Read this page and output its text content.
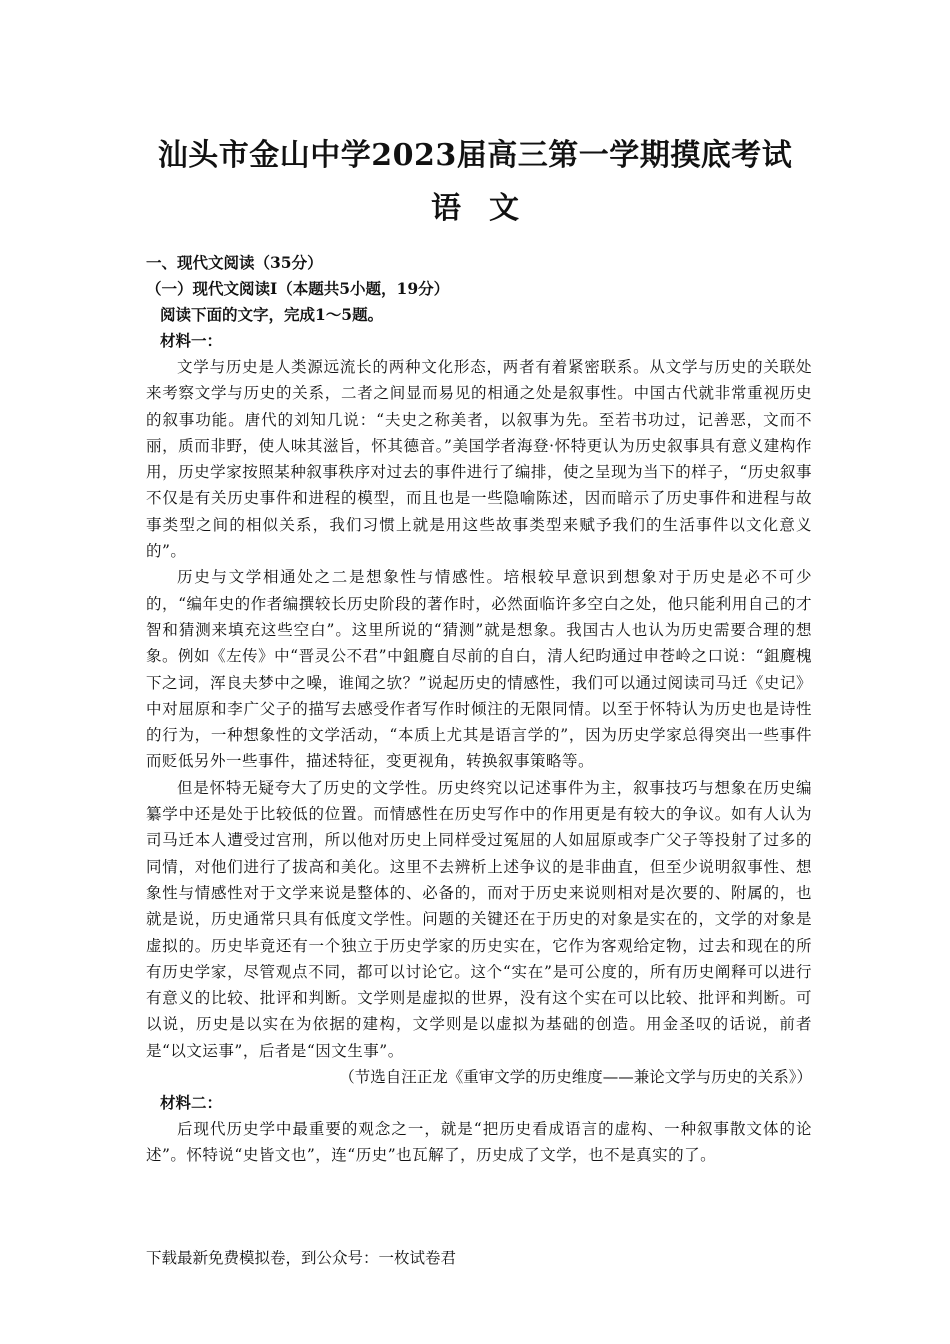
汕头市金山中学2023届高三第一学期摸底考试
语文
一、现代文阅读（35分）
（一）现代文阅读Ⅰ（本题共5小题，19分）
阅读下面的文字，完成1～5题。
材料一：

文学与历史是人类源远流长的两种文化形态，两者有着紧密联系。从文学与历史的关联处来考察文学与历史的关系，二者之间显而易见的相通之处是叙事性。中国古代就非常重视历史的叙事功能。唐代的刘知几说：“夫史之称美者，以叙事为先。至若书功过，记善恶，文而不丽，质而非野，使人味其滋旨，怀其德音。”美国学者海登·怀特更认为历史叙事具有意义建构作用，历史学家按照某种叙事秩序对过去的事件进行了编排，使之呈现为当下的样子，“历史叙事不仅是有关历史事件和进程的模型，而且也是一些隐喻陈述，因而暗示了历史事件和进程与故事类型之间的相似关系，我们习惯上就是用这些故事类型来赋予我们的生活事件以文化意义的”。

历史与文学相通处之二是想象性与情感性。培根较早意识到想象对于历史是必不可少的，“编年史的作者编撰较长历史阶段的著作时，必然面临许多空白之处，他只能利用自己的才智和猜测来填充这些空白”。这里所说的“猜测”就是想象。我国古人也认为历史需要合理的想象。例如《左传》中“晋灵公不君”中鉏麑自尽前的自白，清人纪昀通过申苍岭之口说：“鉏麑槐下之词，浑良夫梦中之噪，谁闻之欤？”说起历史的情感性，我们可以通过阅读司马迁《史记》中对屈原和李广父子的描写去感受作者写作时倾注的无限同情。以至于怀特认为历史也是诗性的行为，一种想象性的文学活动，“本质上尤其是语言学的”，因为历史学家总得突出一些事件而贬低另外一些事件，描述特征，变更视角，转换叙事策略等。

但是怀特无疑夸大了历史的文学性。历史终究以记述事件为主，叙事技巧与想象在历史编纂学中还是处于比较低的位置。而情感性在历史写作中的作用更是有较大的争议。如有人认为司马迁本人遭受过宫刑，所以他对历史上同样受过冤屈的人如屈原或李广父子等投射了过多的同情，对他们进行了拔高和美化。这里不去辨析上述争议的是非曲直，但至少说明叙事性、想象性与情感性对于文学来说是整体的、必备的，而对于历史来说则相对是次要的、附属的，也就是说，历史通常只具有低度文学性。问题的关键还在于历史的对象是实在的，文学的对象是虚拟的。历史毕竟还有一个独立于历史学家的历史实在，它作为客观给定物，过去和现在的所有历史学家，尽管观点不同，都可以讨论它。这个“实在”是可公度的，所有历史阐释可以进行有意义的比较、批评和判断。文学则是虚拟的世界，没有这个实在可以比较、批评和判断。可以说，历史是以实在为依据的建构，文学则是以虚拟为基础的创造。用金圣叹的话说，前者是“以文运事”，后者是“因文生事”。

（节选自汪正龙《重审文学的历史维度——兼论文学与历史的关系》）

材料二：

后现代历史学中最重要的观念之一，就是“把历史看成语言的虚构、一种叙事散文体的论述”。怀特说“史皆文也”，连“历史”也瓦解了，历史成了文学，也不是真实的了。

下载最新免费模拟卷，到公众号：一枚试卷君
